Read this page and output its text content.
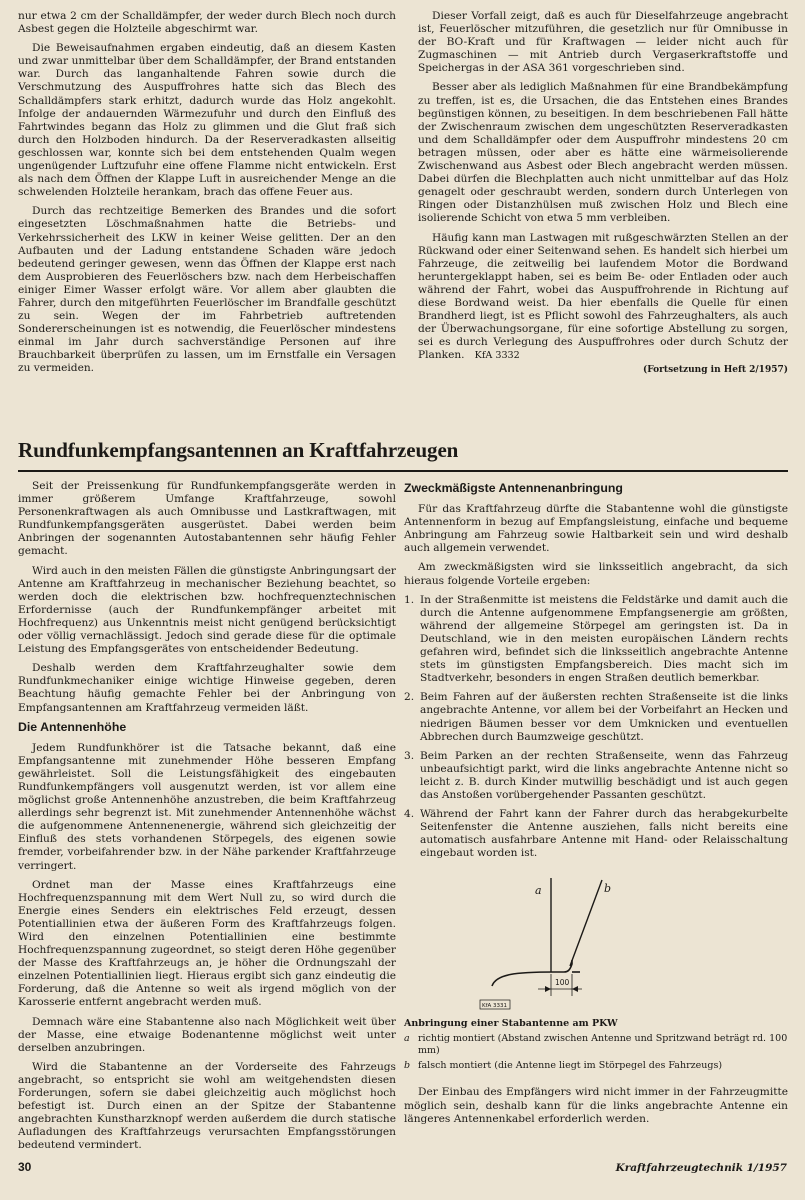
nur etwa 2 cm der Schalldämpfer, der weder durch Blech noch durch Asbest gegen die Holzteile abgeschirmt war.

Die Beweisaufnahmen ergaben eindeutig, daß an diesem Kasten und zwar unmittelbar über dem Schalldämpfer, der Brand entstanden war. Durch das langanhaltende Fahren sowie durch die Verschmutzung des Auspuffrohres hatte sich das Blech des Schalldämpfers stark erhitzt, dadurch wurde das Holz angekohlt. Infolge der andauernden Wärmezufuhr und durch den Einfluß des Fahrtwindes begann das Holz zu glimmen und die Glut fraß sich durch den Holzboden hindurch. Da der Reserveradkasten allseitig geschlossen war, konnte sich bei dem entstehenden Qualm wegen ungenügender Luftzufuhr eine offene Flamme nicht entwickeln. Erst als nach dem Öffnen der Klappe Luft in ausreichender Menge an die schwelenden Holzteile herankam, brach das offene Feuer aus.

Durch das rechtzeitige Bemerken des Brandes und die sofort eingesetzten Löschmaßnahmen hatte die Betriebs- und Verkehrssicherheit des LKW in keiner Weise gelitten. Der an den Aufbauten und der Ladung entstandene Schaden wäre jedoch bedeutend geringer gewesen, wenn das Öffnen der Klappe erst nach dem Ausprobieren des Feuerlöschers bzw. nach dem Herbeischaffen einiger Eimer Wasser erfolgt wäre. Vor allem aber glaubten die Fahrer, durch den mitgeführten Feuerlöscher im Brandfalle geschützt zu sein. Wegen der im Fahrbetrieb auftretenden Sondererscheinungen ist es notwendig, die Feuerlöscher mindestens einmal im Jahr durch sachverständige Personen auf ihre Brauchbarkeit überprüfen zu lassen, um im Ernstfalle ein Versagen zu vermeiden.

Dieser Vorfall zeigt, daß es auch für Dieselfahrzeuge angebracht ist, Feuerlöscher mitzuführen, die gesetzlich nur für Omnibusse in der BO-Kraft und für Kraftwagen — leider nicht auch für Zugmaschinen — mit Antrieb durch Vergaserkraftstoffe und Speichergas in der ASA 361 vorgeschrieben sind.

Besser aber als lediglich Maßnahmen für eine Brandbekämpfung zu treffen, ist es, die Ursachen, die das Entstehen eines Brandes begünstigen können, zu beseitigen. In dem beschriebenen Fall hätte der Zwischenraum zwischen dem ungeschützten Reserveradkasten und dem Schalldämpfer oder dem Auspuffrohr mindestens 20 cm betragen müssen, oder aber es hätte eine wärmeisolierende Zwischenwand aus Asbest oder Blech angebracht werden müssen. Dabei dürfen die Blechplatten auch nicht unmittelbar auf das Holz genagelt oder geschraubt werden, sondern durch Unterlegen von Ringen oder Distanzhülsen muß zwischen Holz und Blech eine isolierende Schicht von etwa 5 mm verbleiben.

Häufig kann man Lastwagen mit rußgeschwärzten Stellen an der Rückwand oder einer Seitenwand sehen. Es handelt sich hierbei um Fahrzeuge, die zeitweilig bei laufendem Motor die Bordwand heruntergeklappt haben, sei es beim Be- oder Entladen oder auch während der Fahrt, wobei das Auspuffrohrende in Richtung auf diese Bordwand weist. Da hier ebenfalls die Quelle für einen Brandherd liegt, ist es Pflicht sowohl des Fahrzeughalters, als auch der Überwachungsorgane, für eine sofortige Abstellung zu sorgen, sei es durch Verlegung des Auspuffrohres oder durch Schutz der Planken. KfA 3332

(Fortsetzung in Heft 2/1957)
Rundfunkempfangsantennen an Kraftfahrzeugen

Seit der Preissenkung für Rundfunkempfangsgeräte werden in immer größerem Umfange Kraftfahrzeuge, sowohl Personenkraftwagen als auch Omnibusse und Lastkraftwagen, mit Rundfunkempfangsgeräten ausgerüstet. Dabei werden beim Anbringen der sogenannten Autostabantennen sehr häufig Fehler gemacht.

Wird auch in den meisten Fällen die günstigste Anbringungsart der Antenne am Kraftfahrzeug in mechanischer Beziehung beachtet, so werden doch die elektrischen bzw. hochfrequenztechnischen Erfordernisse (auch der Rundfunkempfänger arbeitet mit Hochfrequenz) aus Unkenntnis meist nicht genügend berücksichtigt oder völlig vernachlässigt. Jedoch sind gerade diese für die optimale Leistung des Empfangsgerätes von entscheidender Bedeutung.

Deshalb werden dem Kraftfahrzeughalter sowie dem Rundfunkmechaniker einige wichtige Hinweise gegeben, deren Beachtung häufig gemachte Fehler bei der Anbringung von Empfangsantennen am Kraftfahrzeug vermeiden läßt.

Die Antennenhöhe

Jedem Rundfunkhörer ist die Tatsache bekannt, daß eine Empfangsantenne mit zunehmender Höhe besseren Empfang gewährleistet. Soll die Leistungsfähigkeit des eingebauten Rundfunkempfängers voll ausgenutzt werden, ist vor allem eine möglichst große Antennenhöhe anzustreben, die beim Kraftfahrzeug allerdings sehr begrenzt ist. Mit zunehmender Antennenhöhe wächst die aufgenommene Antennenenergie, während sich gleichzeitig der Einfluß des stets vorhandenen Störpegels, des eigenen sowie fremder, vorbeifahrender bzw. in der Nähe parkender Kraftfahrzeuge verringert.

Ordnet man der Masse eines Kraftfahrzeugs eine Hochfrequenzspannung mit dem Wert Null zu, so wird durch die Energie eines Senders ein elektrisches Feld erzeugt, dessen Potentiallinien etwa der äußeren Form des Kraftfahrzeugs folgen. Wird den einzelnen Potentiallinien eine bestimmte Hochfrequenzspannung zugeordnet, so steigt deren Höhe gegenüber der Masse des Kraftfahrzeugs an, je höher die Ordnungszahl der einzelnen Potentiallinien liegt. Hieraus ergibt sich ganz eindeutig die Forderung, daß die Antenne so weit als irgend möglich von der Karosserie entfernt angebracht werden muß.

Demnach wäre eine Stabantenne also nach Möglichkeit weit über der Masse, eine etwaige Bodenantenne möglichst weit unter derselben anzubringen.

Wird die Stabantenne an der Vorderseite des Fahrzeugs angebracht, so entspricht sie wohl am weitgehendsten diesen Forderungen, sofern sie dabei gleichzeitig auch möglichst hoch befestigt ist. Durch einen an der Spitze der Stabantenne angebrachten Kunstharzknopf werden außerdem die durch statische Aufladungen des Kraftfahrzeugs verursachten Empfangsstörungen bedeutend vermindert.

Zweckmäßigste Antennenanbringung

Für das Kraftfahrzeug dürfte die Stabantenne wohl die günstigste Antennenform in bezug auf Empfangsleistung, einfache und bequeme Anbringung am Fahrzeug sowie Haltbarkeit sein und wird deshalb auch allgemein verwendet.

Am zweckmäßigsten wird sie linksseitlich angebracht, da sich hieraus folgende Vorteile ergeben:

1. In der Straßenmitte ist meistens die Feldstärke und damit auch die durch die Antenne aufgenommene Empfangsenergie am größten, während der allgemeine Störpegel am geringsten ist. Da in Deutschland, wie in den meisten europäischen Ländern rechts gefahren wird, befindet sich die linksseitlich angebrachte Antenne stets im günstigsten Empfangsbereich. Dies macht sich im Stadtverkehr, besonders in engen Straßen deutlich bemerkbar.
2. Beim Fahren auf der äußersten rechten Straßenseite ist die links angebrachte Antenne, vor allem bei der Vorbeifahrt an Hecken und niedrigen Bäumen besser vor dem Umknicken und eventuellen Abbrechen durch Baumzweige geschützt.
3. Beim Parken an der rechten Straßenseite, wenn das Fahrzeug unbeaufsichtigt parkt, wird die links angebrachte Antenne nicht so leicht z. B. durch Kinder mutwillig beschädigt und ist auch gegen das Anstoßen vorübergehender Passanten geschützt.
4. Während der Fahrt kann der Fahrer durch das herabgekurbelte Seitenfenster die Antenne ausziehen, falls nicht bereits eine automatisch ausfahrbare Antenne mit Hand- oder Relaisschaltung eingebaut worden ist.
a	b
100
KfA 3331
Anbringung einer Stabantenne am PKW
a richtig montiert (Abstand zwischen Antenne und Spritzwand beträgt rd. 100 mm)
b falsch montiert (die Antenne liegt im Störpegel des Fahrzeugs)

Der Einbau des Empfängers wird nicht immer in der Fahrzeugmitte möglich sein, deshalb kann für die links angebrachte Antenne ein längeres Antennenkabel erforderlich werden.

30	Kraftfahrzeugtechnik 1/1957
